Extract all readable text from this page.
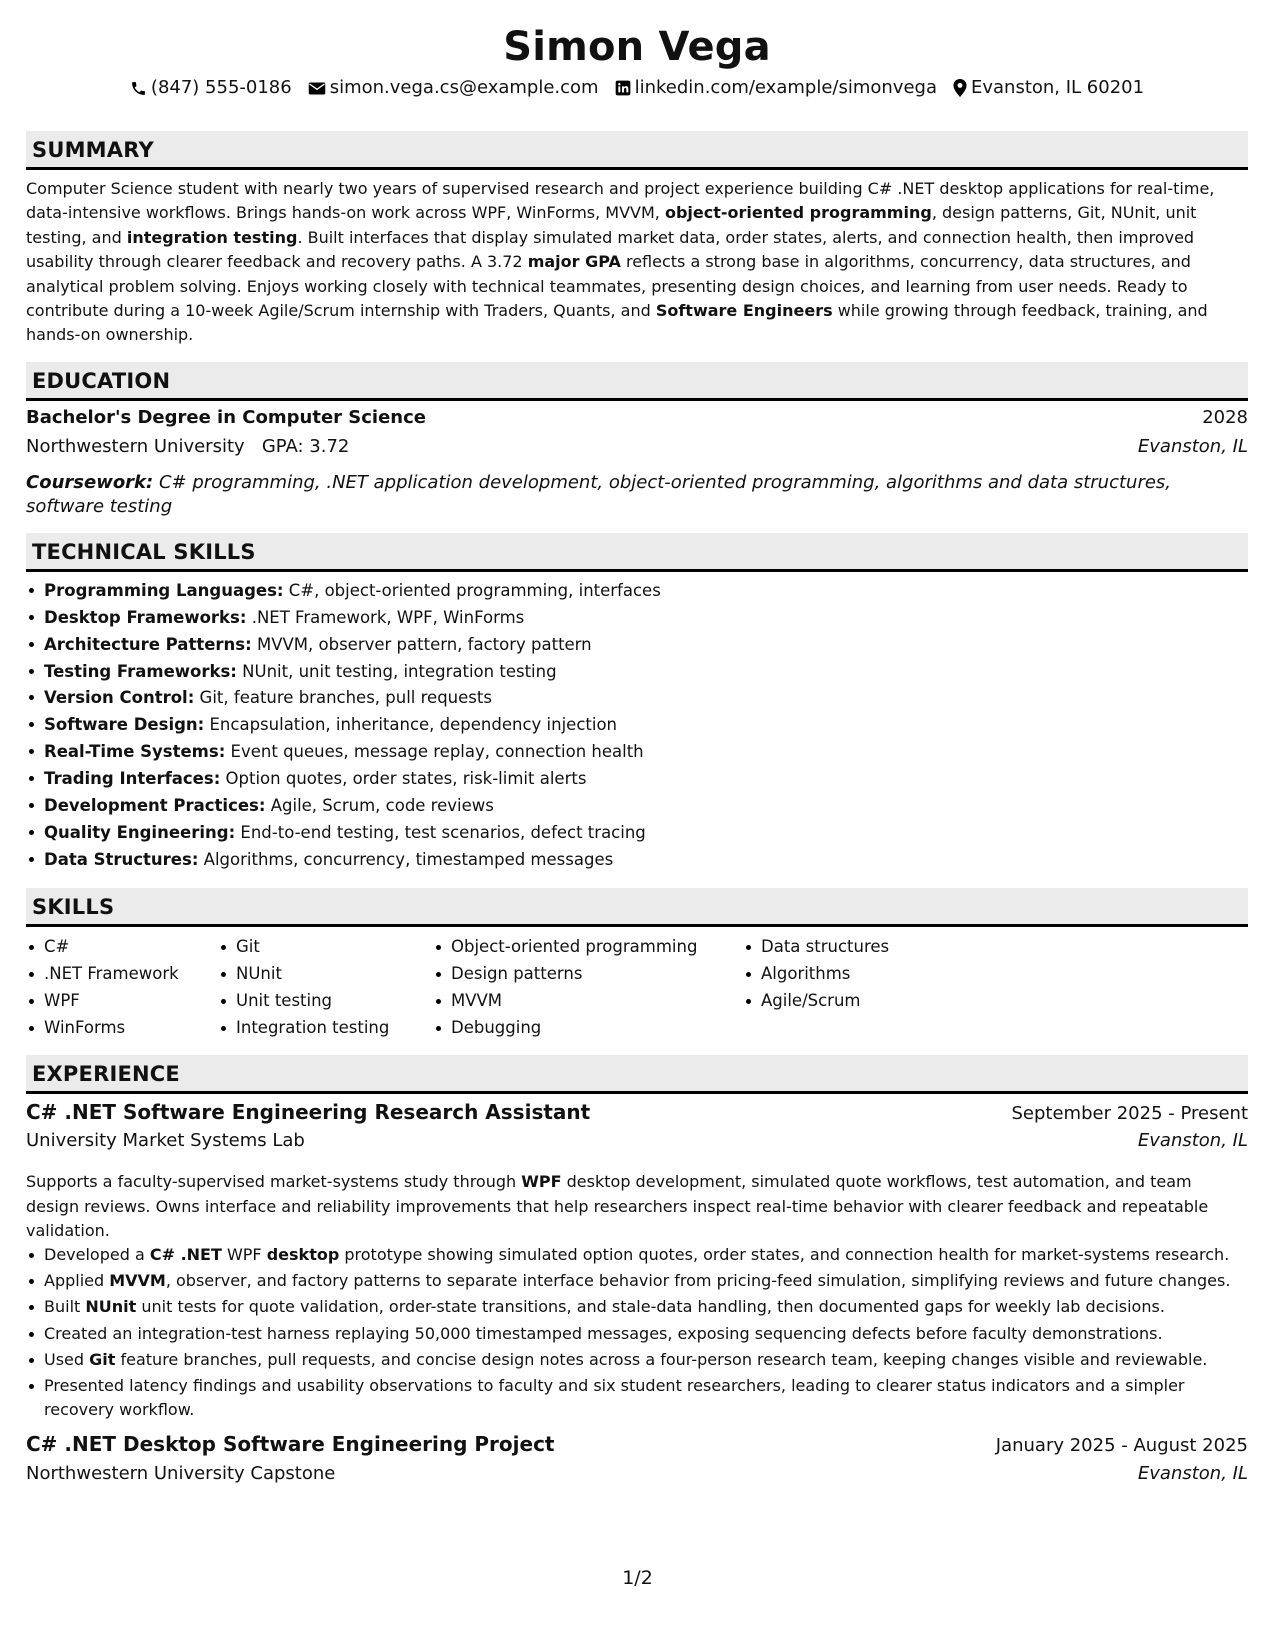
Simon Vega
(847) 555-0186 simon.vega.cs@example.com linkedin.com/example/simonvega Evanston, IL 60201
SUMMARY
Computer Science student with nearly two years of supervised research and project experience building C# .NET desktop applications for real-time, data-intensive workflows. Brings hands-on work across WPF, WinForms, MVVM, object-oriented programming, design patterns, Git, NUnit, unit testing, and integration testing. Built interfaces that display simulated market data, order states, alerts, and connection health, then improved usability through clearer feedback and recovery paths. A 3.72 major GPA reflects a strong base in algorithms, concurrency, data structures, and analytical problem solving. Enjoys working closely with technical teammates, presenting design choices, and learning from user needs. Ready to contribute during a 10-week Agile/Scrum internship with Traders, Quants, and Software Engineers while growing through feedback, training, and hands-on ownership.
EDUCATION
Bachelor's Degree in Computer Science	2028
Northwestern University GPA: 3.72	Evanston, IL
Coursework: C# programming, .NET application development, object-oriented programming, algorithms and data structures, software testing
TECHNICAL SKILLS
Programming Languages: C#, object-oriented programming, interfaces
Desktop Frameworks: .NET Framework, WPF, WinForms
Architecture Patterns: MVVM, observer pattern, factory pattern
Testing Frameworks: NUnit, unit testing, integration testing
Version Control: Git, feature branches, pull requests
Software Design: Encapsulation, inheritance, dependency injection
Real-Time Systems: Event queues, message replay, connection health
Trading Interfaces: Option quotes, order states, risk-limit alerts
Development Practices: Agile, Scrum, code reviews
Quality Engineering: End-to-end testing, test scenarios, defect tracing
Data Structures: Algorithms, concurrency, timestamped messages
SKILLS
C#
.NET Framework
WPF
WinForms
Git
NUnit
Unit testing
Integration testing
Object-oriented programming
Design patterns
MVVM
Debugging
Data structures
Algorithms
Agile/Scrum
EXPERIENCE
C# .NET Software Engineering Research Assistant	September 2025 - Present
University Market Systems Lab	Evanston, IL
Supports a faculty-supervised market-systems study through WPF desktop development, simulated quote workflows, test automation, and team design reviews. Owns interface and reliability improvements that help researchers inspect real-time behavior with clearer feedback and repeatable validation.
Developed a C# .NET WPF desktop prototype showing simulated option quotes, order states, and connection health for market-systems research.
Applied MVVM, observer, and factory patterns to separate interface behavior from pricing-feed simulation, simplifying reviews and future changes.
Built NUnit unit tests for quote validation, order-state transitions, and stale-data handling, then documented gaps for weekly lab decisions.
Created an integration-test harness replaying 50,000 timestamped messages, exposing sequencing defects before faculty demonstrations.
Used Git feature branches, pull requests, and concise design notes across a four-person research team, keeping changes visible and reviewable.
Presented latency findings and usability observations to faculty and six student researchers, leading to clearer status indicators and a simpler recovery workflow.
C# .NET Desktop Software Engineering Project	January 2025 - August 2025
Northwestern University Capstone	Evanston, IL
1/2
